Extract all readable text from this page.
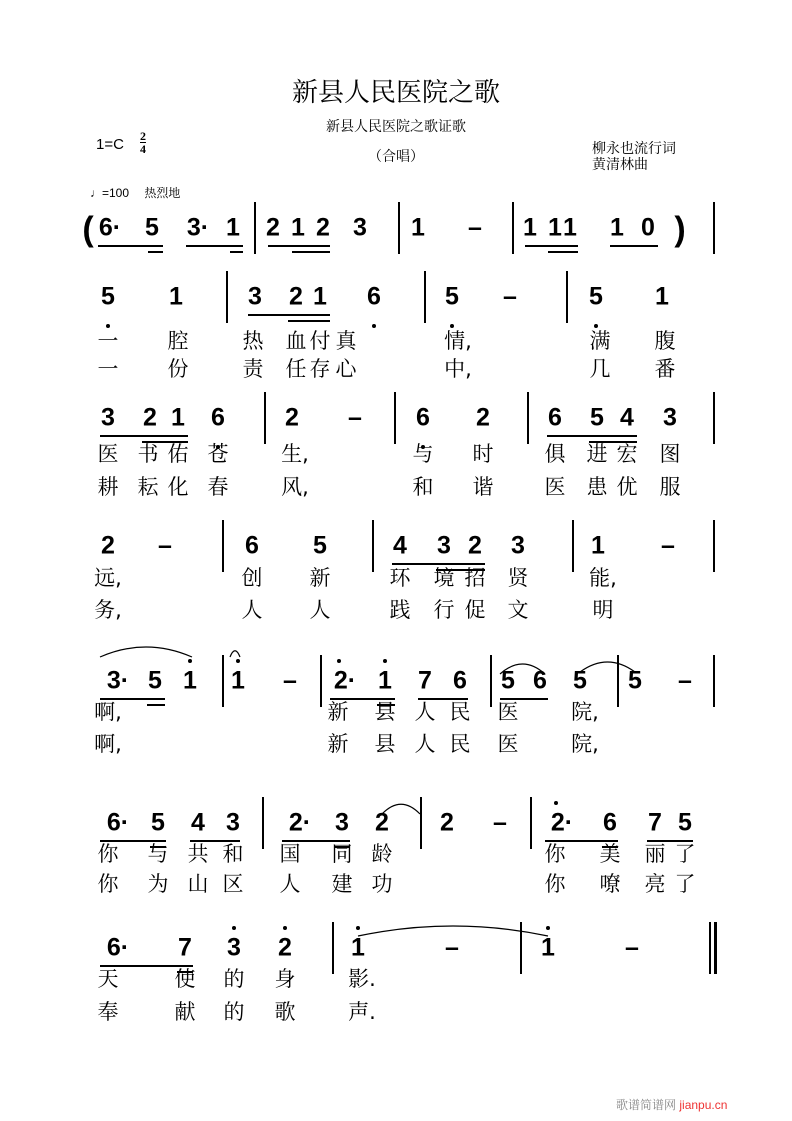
新县人民医院之歌
新县人民医院之歌证歌
（合唱）
1=C 2
4	柳永也流行词
黄清林曲
♩=100 热烈地
6· 5 3· 1 2 1 2 3 1 – 1 1 1 1 0
(	)
5 1	3 2 1 6	5 –	5 1
一 腔	热 血 付 真	情,	满 腹
一 份	责 任 存 心	中,	几 番
3 2 1 6 2 – 6 2 6 5 4 3
医 书 佑 苍	生,	与 时 俱 进 宏 图
耕 耘 化 春	风,	和 谐 医 患 优 服
2 –	6 5	4 3 2 3	1 –
远,	创 新	环 境 招 贤	能,
务,	人 人	践 行 促 文	明
3· 5 1 1 – 2· 1 7 6 5 6 5 5 –
啊,	新 县 人 民 医	院,
啊,	新 县 人 民 医	院,
6· 5 4 3 2· 3 2 2 – 2· 6 7 5
你 与 共 和 国 同 龄	你 美 丽 了
你 为 山 区 人 建 功	你 嘹 亮 了
6· 7 3 2 1	–	1	–
天	使 的 身	影.
奉	献 的 歌	声.
歌谱简谱网 jianpu.cn
